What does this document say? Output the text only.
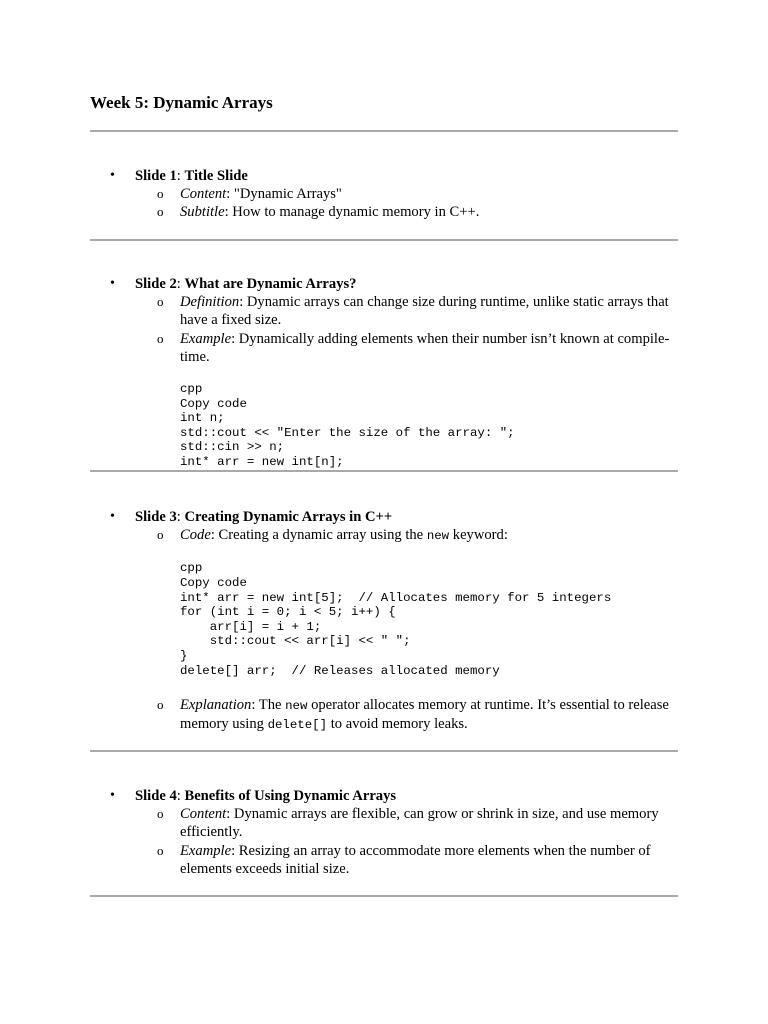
Week 5: Dynamic Arrays
• Slide 1: Title Slide
o Content: "Dynamic Arrays"
o Subtitle: How to manage dynamic memory in C++.
• Slide 2: What are Dynamic Arrays?
o Definition: Dynamic arrays can change size during runtime, unlike static arrays that have a fixed size.
o Example: Dynamically adding elements when their number isn’t known at compile-time.
cpp
Copy code
int n;
std::cout << "Enter the size of the array: ";
std::cin >> n;
int* arr = new int[n];
• Slide 3: Creating Dynamic Arrays in C++
o Code: Creating a dynamic array using the new keyword:
cpp
Copy code
int* arr = new int[5];  // Allocates memory for 5 integers
for (int i = 0; i < 5; i++) {
arr[i] = i + 1;
std::cout << arr[i] << " ";
}
delete[] arr;  // Releases allocated memory
o Explanation: The new operator allocates memory at runtime. It’s essential to release memory using delete[] to avoid memory leaks.
• Slide 4: Benefits of Using Dynamic Arrays
o Content: Dynamic arrays are flexible, can grow or shrink in size, and use memory efficiently.
o Example: Resizing an array to accommodate more elements when the number of elements exceeds initial size.
